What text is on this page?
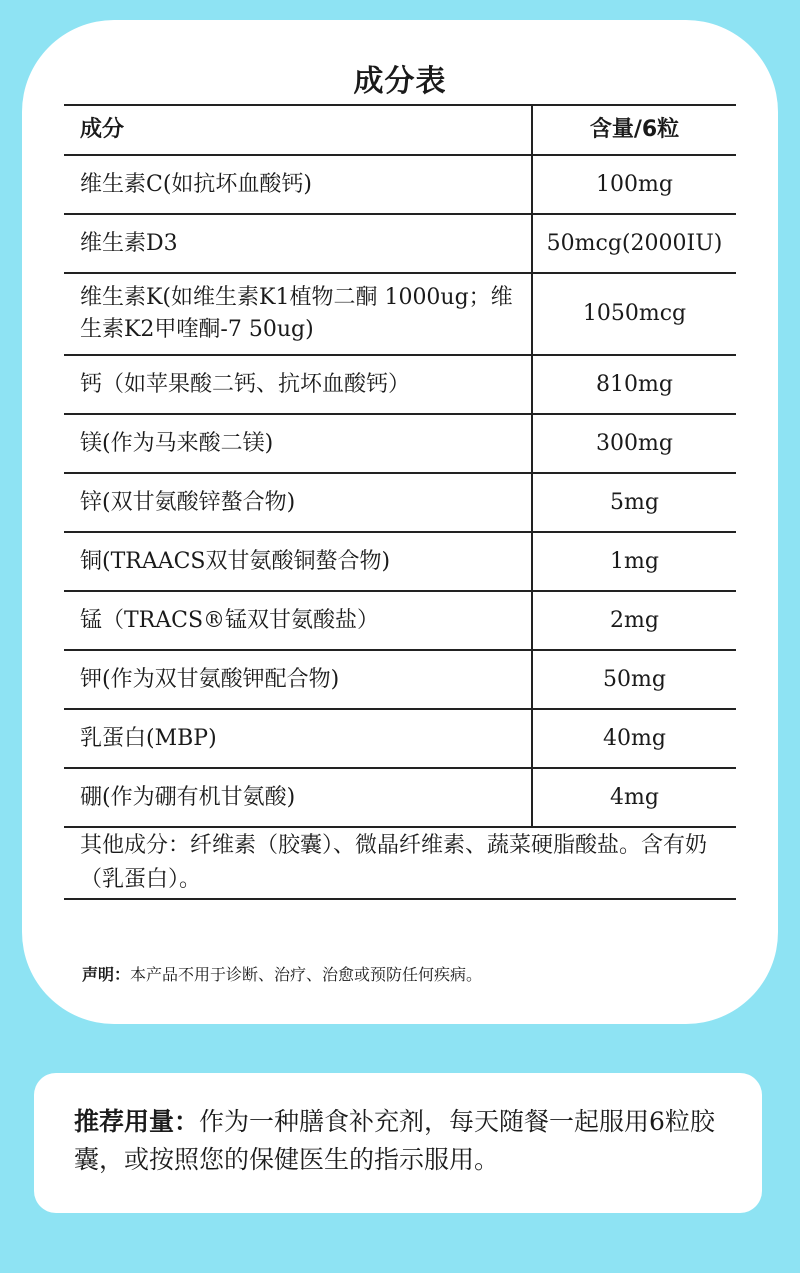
成分表
成分	含量/6粒
维生素C(如抗坏血酸钙)	100mg
维生素D3	50mcg(2000IU)
维生素K(如维生素K1植物二酮 1000ug；维生素K2甲喹酮-7 50ug)	1050mcg
钙（如苹果酸二钙、抗坏血酸钙）	810mg
镁(作为马来酸二镁)	300mg
锌(双甘氨酸锌螯合物)	5mg
铜(TRAACS双甘氨酸铜螯合物)	1mg
锰（TRACS®锰双甘氨酸盐）	2mg
钾(作为双甘氨酸钾配合物)	50mg
乳蛋白(MBP)	40mg
硼(作为硼有机甘氨酸)	4mg
其他成分：纤维素（胶囊）、微晶纤维素、蔬菜硬脂酸盐。含有奶（乳蛋白）。	
声明：本产品不用于诊断、治疗、治愈或预防任何疾病。
推荐用量：作为一种膳食补充剂，每天随餐一起服用6粒胶囊，或按照您的保健医生的指示服用。
